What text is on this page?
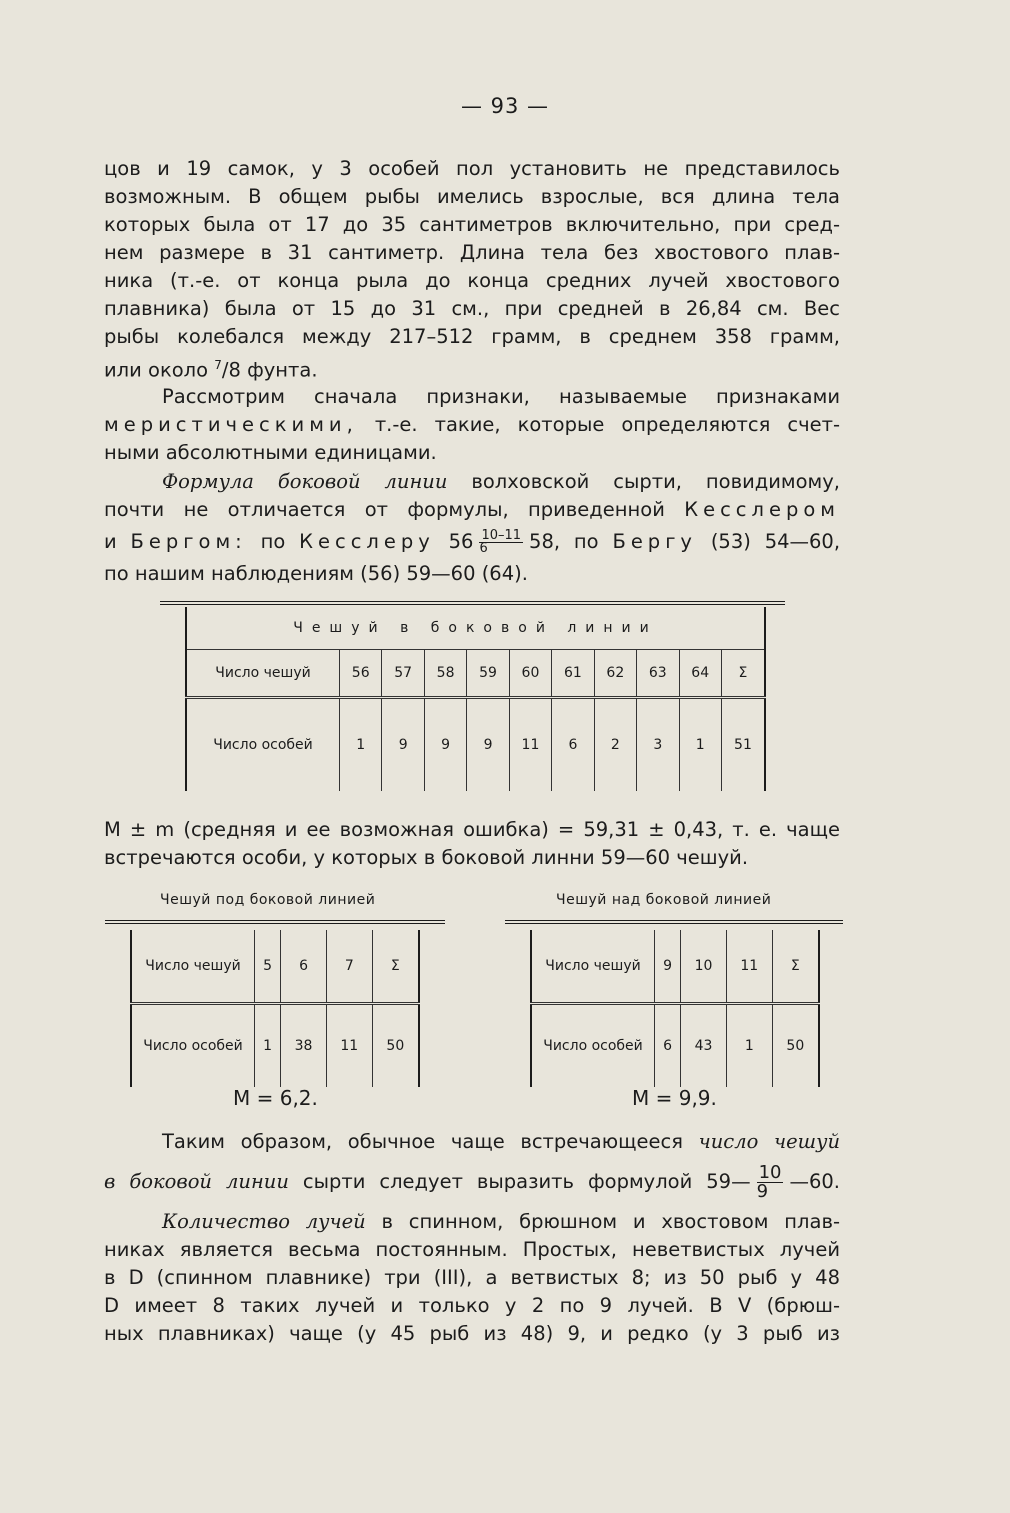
— 93 —
цов и 19 самок, у 3 особей пол установить не представилось
возможным. В общем рыбы имелись взрослые, вся длина тела
которых была от 17 до 35 сантиметров включительно, при сред-
нем размере в 31 сантиметр. Длина тела без хвостового плав-
ника (т.-е. от конца рыла до конца средних лучей хвостового
плавника) была от 15 до 31 см., при средней в 26,84 см. Вес
рыбы колебался между 217–512 грамм, в среднем 358 грамм,
или около $^7$/8 фунта.
Рассмотрим сначала признаки, называемые признаками
меристическими, т.-е. такие, которые определяются счет-
ными абсолютными единицами.
Формула боковой линии волховской сырти, повидимому,
почти не отличается от формулы, приведенной Кесслером
и Бергом: по Кесслеру $56 \frac{10-11}{6} 58$, по Бергу (53) 54—60,
по нашим наблюдениям (56) 59—60 (64).
Чешуй в боковой линии										
Число чешуй	56	57	58	59	60	61	62	63	64	Σ
Число особей	1	9	9	9	11	6	2	3	1	51
M ± m (средняя и ее возможная ошибка) = 59,31 ± 0,43, т. е. чаще
встречаются особи, у которых в боковой линни 59—60 чешуй.
Чешуй под боковой линией
Число чешуй	5	6	7	Σ
Число особей	1	38	11	50
M = 6,2.
Чешуй над боковой линией
Число чешуй	9	10	11	Σ
Число особей	6	43	1	50
M = 9,9.
Таким образом, обычное чаще встречающееся число чешуй
в боковой линии сырти следует выразить формулой 59— $\frac{10}{9}$ —60.
Количество лучей в спинном, брюшном и хвостовом плав-
никах является весьма постоянным. Простых, неветвистых лучей
в D (спинном плавнике) три (III), а ветвистых 8; из 50 рыб у 48
D имеет 8 таких лучей и только у 2 по 9 лучей. В V (брюш-
ных плавниках) чаще (у 45 рыб из 48) 9, и редко (у 3 рыб из
